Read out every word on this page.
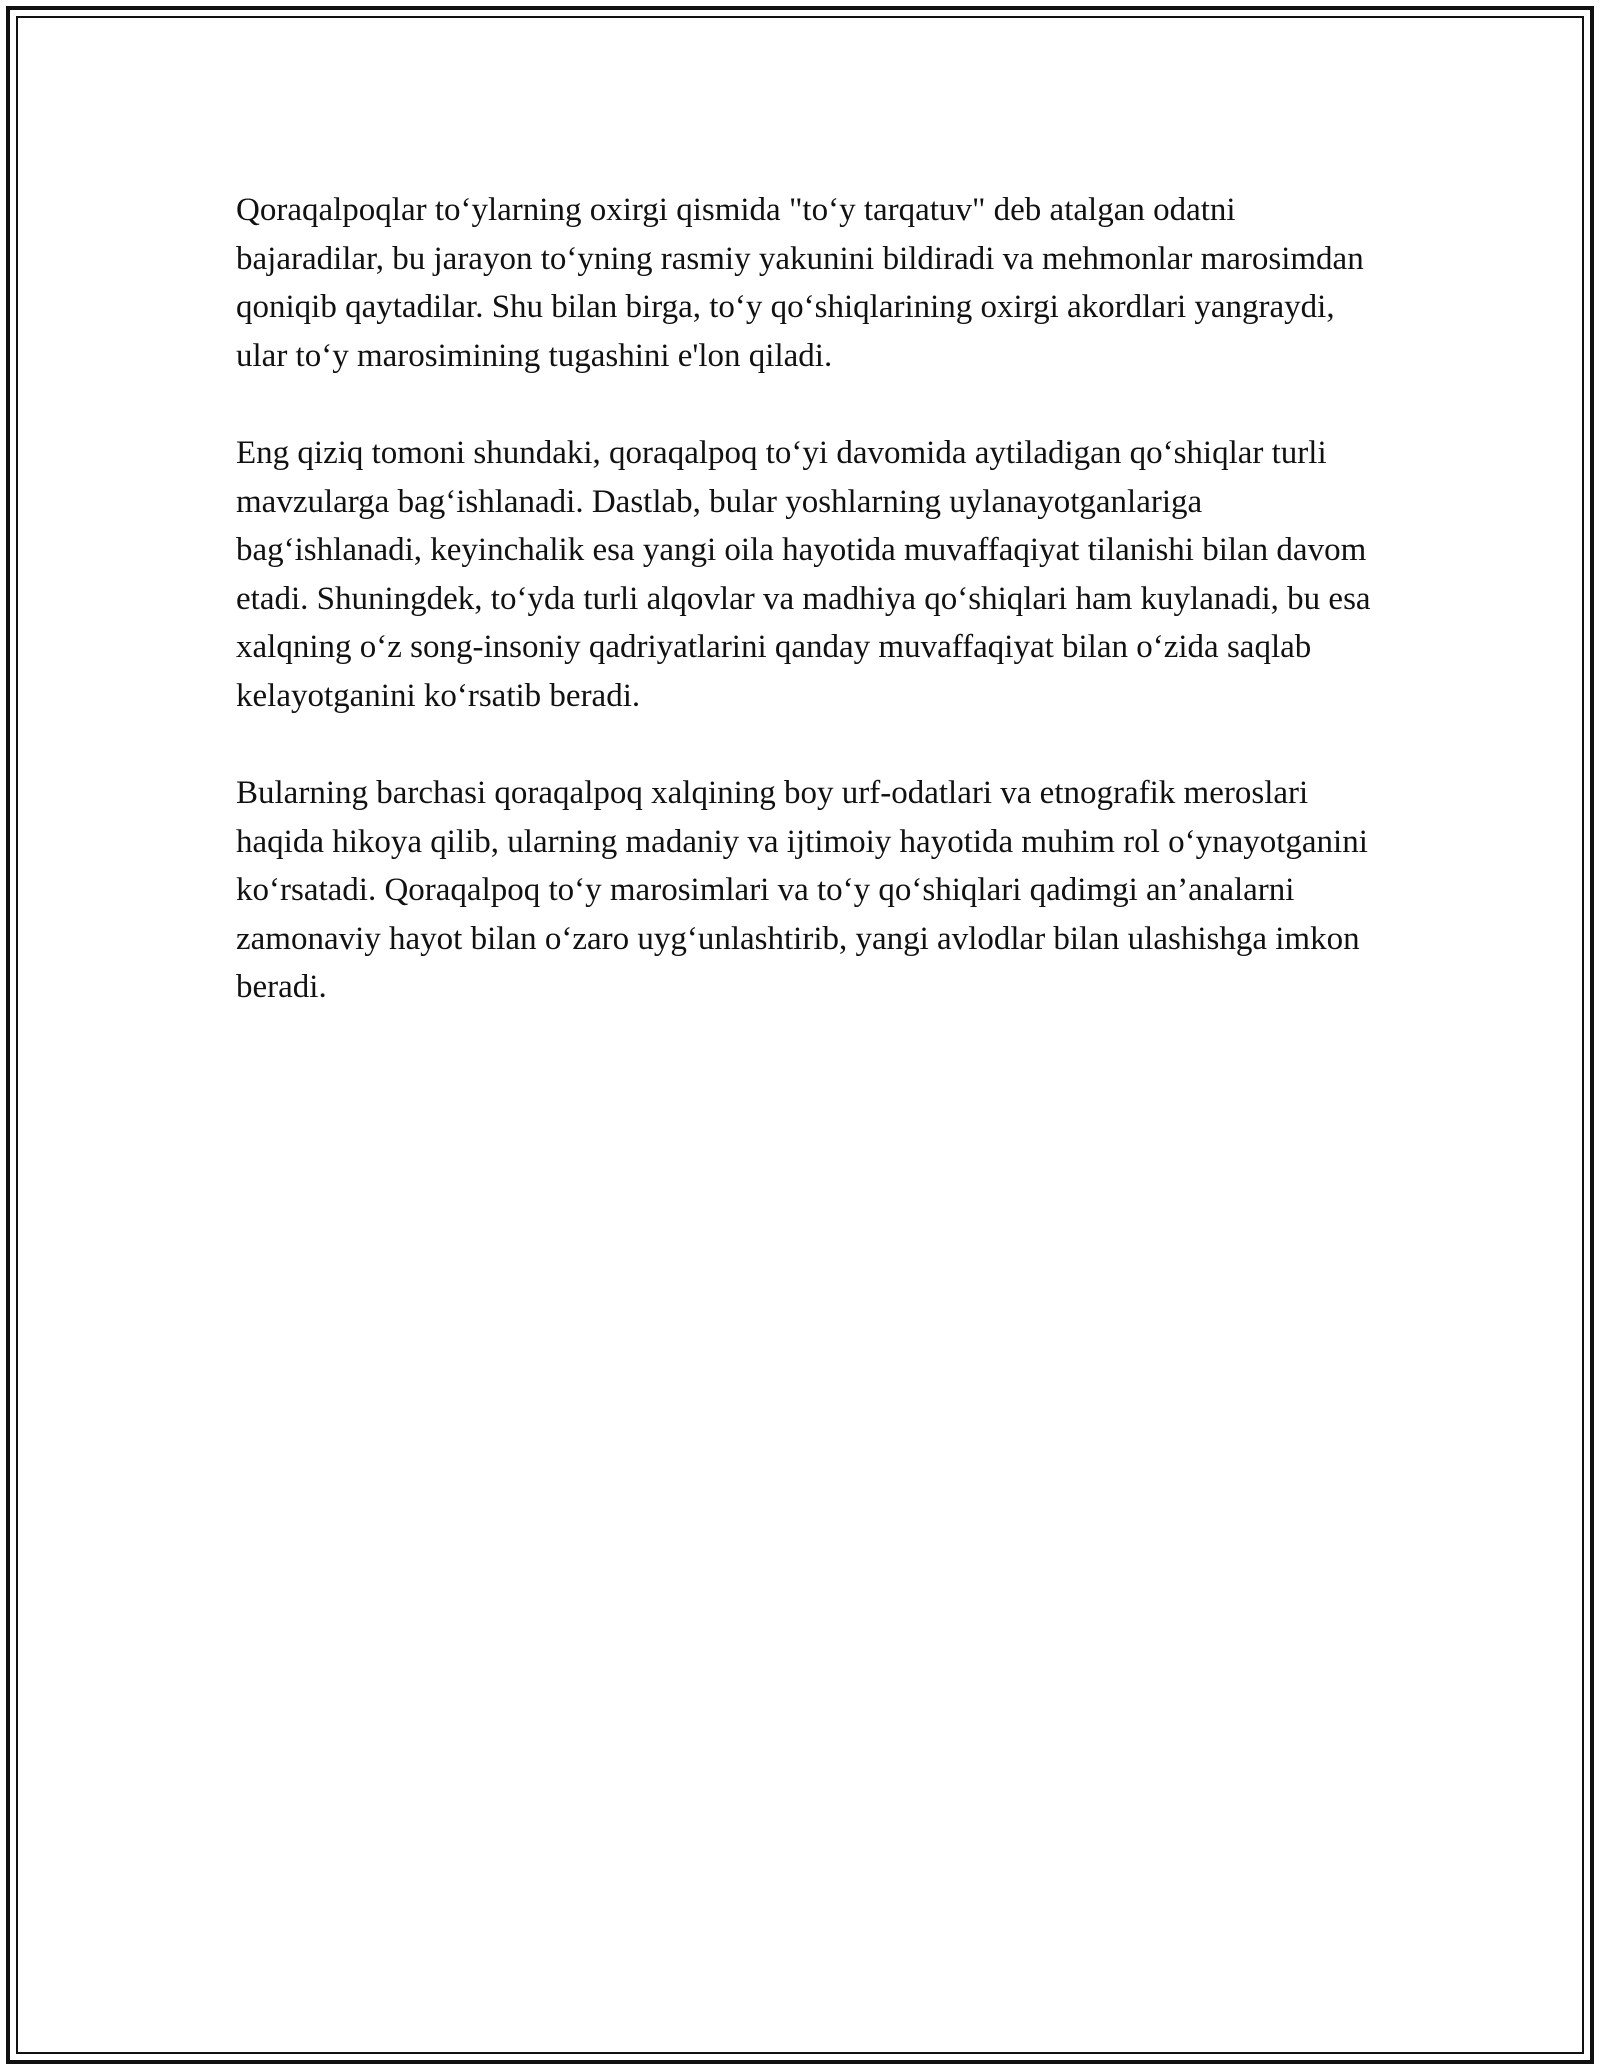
Qoraqalpoqlar to‘ylarning oxirgi qismida "to‘y tarqatuv" deb atalgan odatni bajaradilar, bu jarayon to‘yning rasmiy yakunini bildiradi va mehmonlar marosimdan qoniqib qaytadilar. Shu bilan birga, to‘y qo‘shiqlarining oxirgi akordlari yangraydi, ular to‘y marosimining tugashini e'lon qiladi.

Eng qiziq tomoni shundaki, qoraqalpoq to‘yi davomida aytiladigan qo‘shiqlar turli mavzularga bag‘ishlanadi. Dastlab, bular yoshlarning uylanayotganlariga bag‘ishlanadi, keyinchalik esa yangi oila hayotida muvaffaqiyat tilanishi bilan davom etadi. Shuningdek, to‘yda turli alqovlar va madhiya qo‘shiqlari ham kuylanadi, bu esa xalqning o‘z song-insoniy qadriyatlarini qanday muvaffaqiyat bilan o‘zida saqlab kelayotganini ko‘rsatib beradi.

Bularning barchasi qoraqalpoq xalqining boy urf-odatlari va etnografik meroslari haqida hikoya qilib, ularning madaniy va ijtimoiy hayotida muhim rol o‘ynayotganini ko‘rsatadi. Qoraqalpoq to‘y marosimlari va to‘y qo‘shiqlari qadimgi an’analarni zamonaviy hayot bilan o‘zaro uyg‘unlashtirib, yangi avlodlar bilan ulashishga imkon beradi.
